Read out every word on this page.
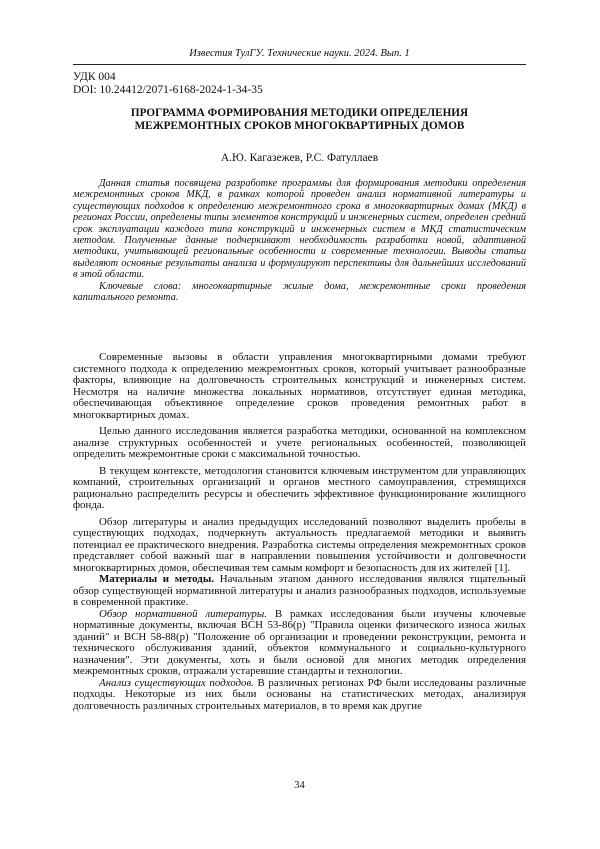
Известия ТулГУ. Технические науки. 2024. Вып. 1
УДК 004
DOI: 10.24412/2071-6168-2024-1-34-35
ПРОГРАММА ФОРМИРОВАНИЯ МЕТОДИКИ ОПРЕДЕЛЕНИЯ
МЕЖРЕМОНТНЫХ СРОКОВ МНОГОКВАРТИРНЫХ ДОМОВ
А.Ю. Кагазежев, Р.С. Фатуллаев

Данная статья посвящена разработке программы для формирования методики определения межремонтных сроков МКД, в рамках которой проведен анализ нормативной литературы и существующих подходов к определению межремонтного срока в многоквартирных домах (МКД) в регионах России, определены типы элементов конструкций и инженерных систем, определен средний срок эксплуатации каждого типа конструкций и инженерных систем в МКД статистическим методом. Полученные данные подчеркивают необходимость разработки новой, адаптивной методики, учитывающей региональные особенности и современные технологии. Выводы статьи выделяют основные результаты анализа и формулируют перспективы для дальнейших исследований в этой области.

Ключевые слова: многоквартирные жилые дома, межремонтные сроки проведения капитального ремонта.

Современные вызовы в области управления многоквартирными домами требуют системного подхода к определению межремонтных сроков, который учитывает разнообразные факторы, влияющие на долговечность строительных конструкций и инженерных систем. Несмотря на наличие множества локальных нормативов, отсутствует единая методика, обеспечивающая объективное определение сроков проведения ремонтных работ в многоквартирных домах.

Целью данного исследования является разработка методики, основанной на комплексном анализе структурных особенностей и учете региональных особенностей, позволяющей определить межремонтные сроки с максимальной точностью.

В текущем контексте, методология становится ключевым инструментом для управляющих компаний, строительных организаций и органов местного самоуправления, стремящихся рационально распределить ресурсы и обеспечить эффективное функционирование жилищного фонда.

Обзор литературы и анализ предыдущих исследований позволяют выделить пробелы в существующих подходах, подчеркнуть актуальность предлагаемой методики и выявить потенциал ее практического внедрения. Разработка системы определения межремонтных сроков представляет собой важный шаг в направлении повышения устойчивости и долговечности многоквартирных домов, обеспечивая тем самым комфорт и безопасность для их жителей [1].

Материалы и методы. Начальным этапом данного исследования являлся тщательный обзор существующей нормативной литературы и анализ разнообразных подходов, используемые в современной практике.

Обзор нормативной литературы. В рамках исследования были изучены ключевые нормативные документы, включая ВСН 53-86(р) "Правила оценки физического износа жилых зданий" и ВСН 58-88(р) "Положение об организации и проведении реконструкции, ремонта и технического обслуживания зданий, объектов коммунального и социально-культурного назначения". Эти документы, хоть и были основой для многих методик определения межремонтных сроков, отражали устаревшие стандарты и технологии.

Анализ существующих подходов. В различных регионах РФ были исследованы различные подходы. Некоторые из них были основаны на статистических методах, анализируя долговечность различных строительных материалов, в то время как другие

34
